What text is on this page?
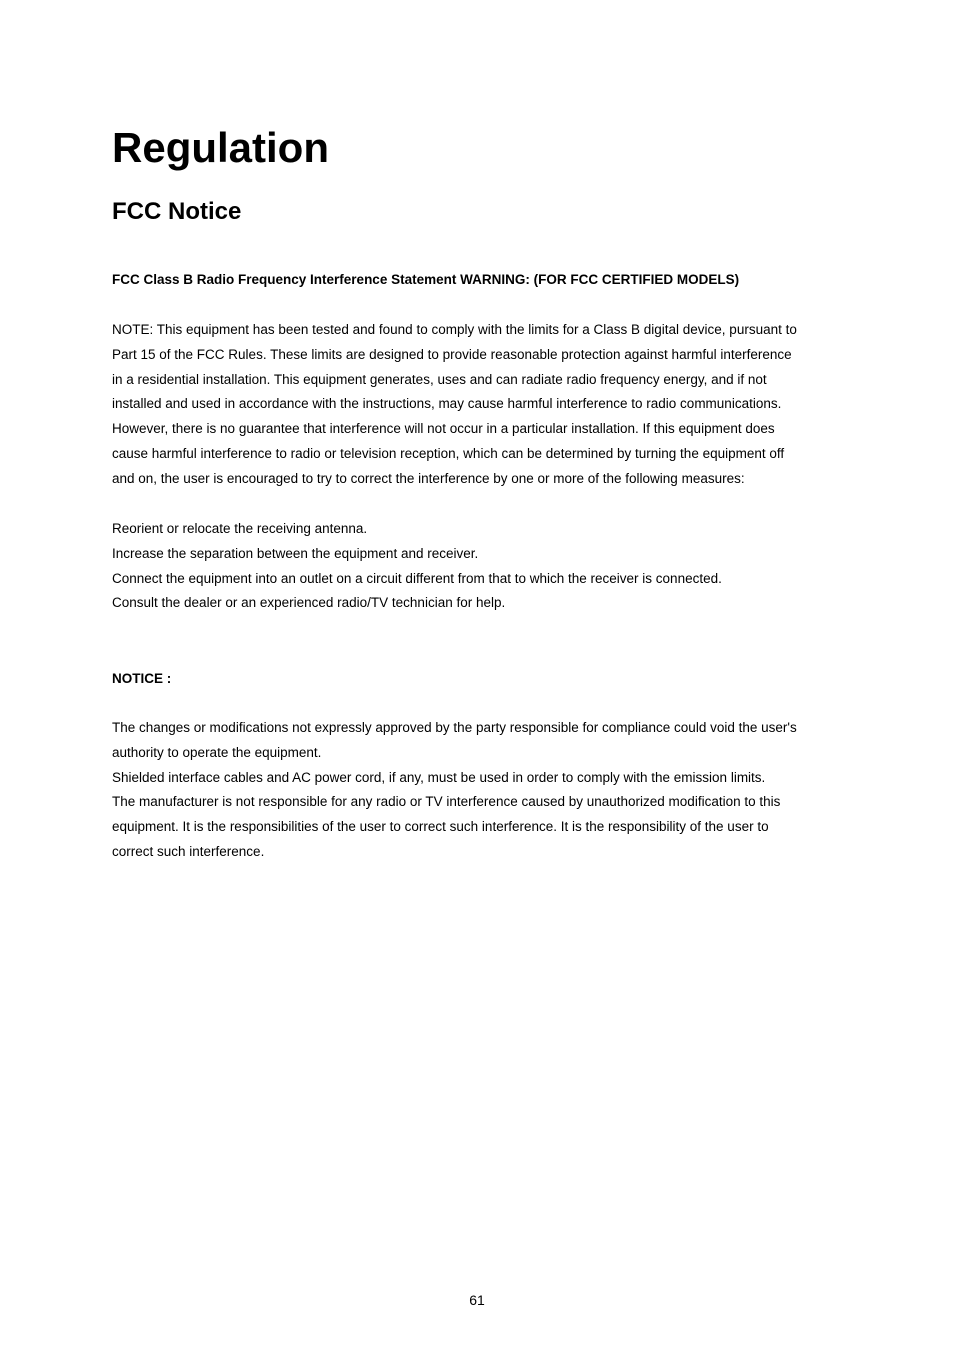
Regulation
FCC Notice

FCC Class B Radio Frequency Interference Statement WARNING: (FOR FCC CERTIFIED MODELS)

NOTE: This equipment has been tested and found to comply with the limits for a Class B digital device, pursuant to
Part 15 of the FCC Rules. These limits are designed to provide reasonable protection against harmful interference
in a residential installation. This equipment generates, uses and can radiate radio frequency energy, and if not
installed and used in accordance with the instructions, may cause harmful interference to radio communications.
However, there is no guarantee that interference will not occur in a particular installation. If this equipment does
cause harmful interference to radio or television reception, which can be determined by turning the equipment off
and on, the user is encouraged to try to correct the interference by one or more of the following measures:
Reorient or relocate the receiving antenna.
Increase the separation between the equipment and receiver.
Connect the equipment into an outlet on a circuit different from that to which the receiver is connected.
Consult the dealer or an experienced radio/TV technician for help.

NOTICE :

The changes or modifications not expressly approved by the party responsible for compliance could void the user's
authority to operate the equipment.
Shielded interface cables and AC power cord, if any, must be used in order to comply with the emission limits.
The manufacturer is not responsible for any radio or TV interference caused by unauthorized modification to this
equipment. It is the responsibilities of the user to correct such interference. It is the responsibility of the user to
correct such interference.
61
